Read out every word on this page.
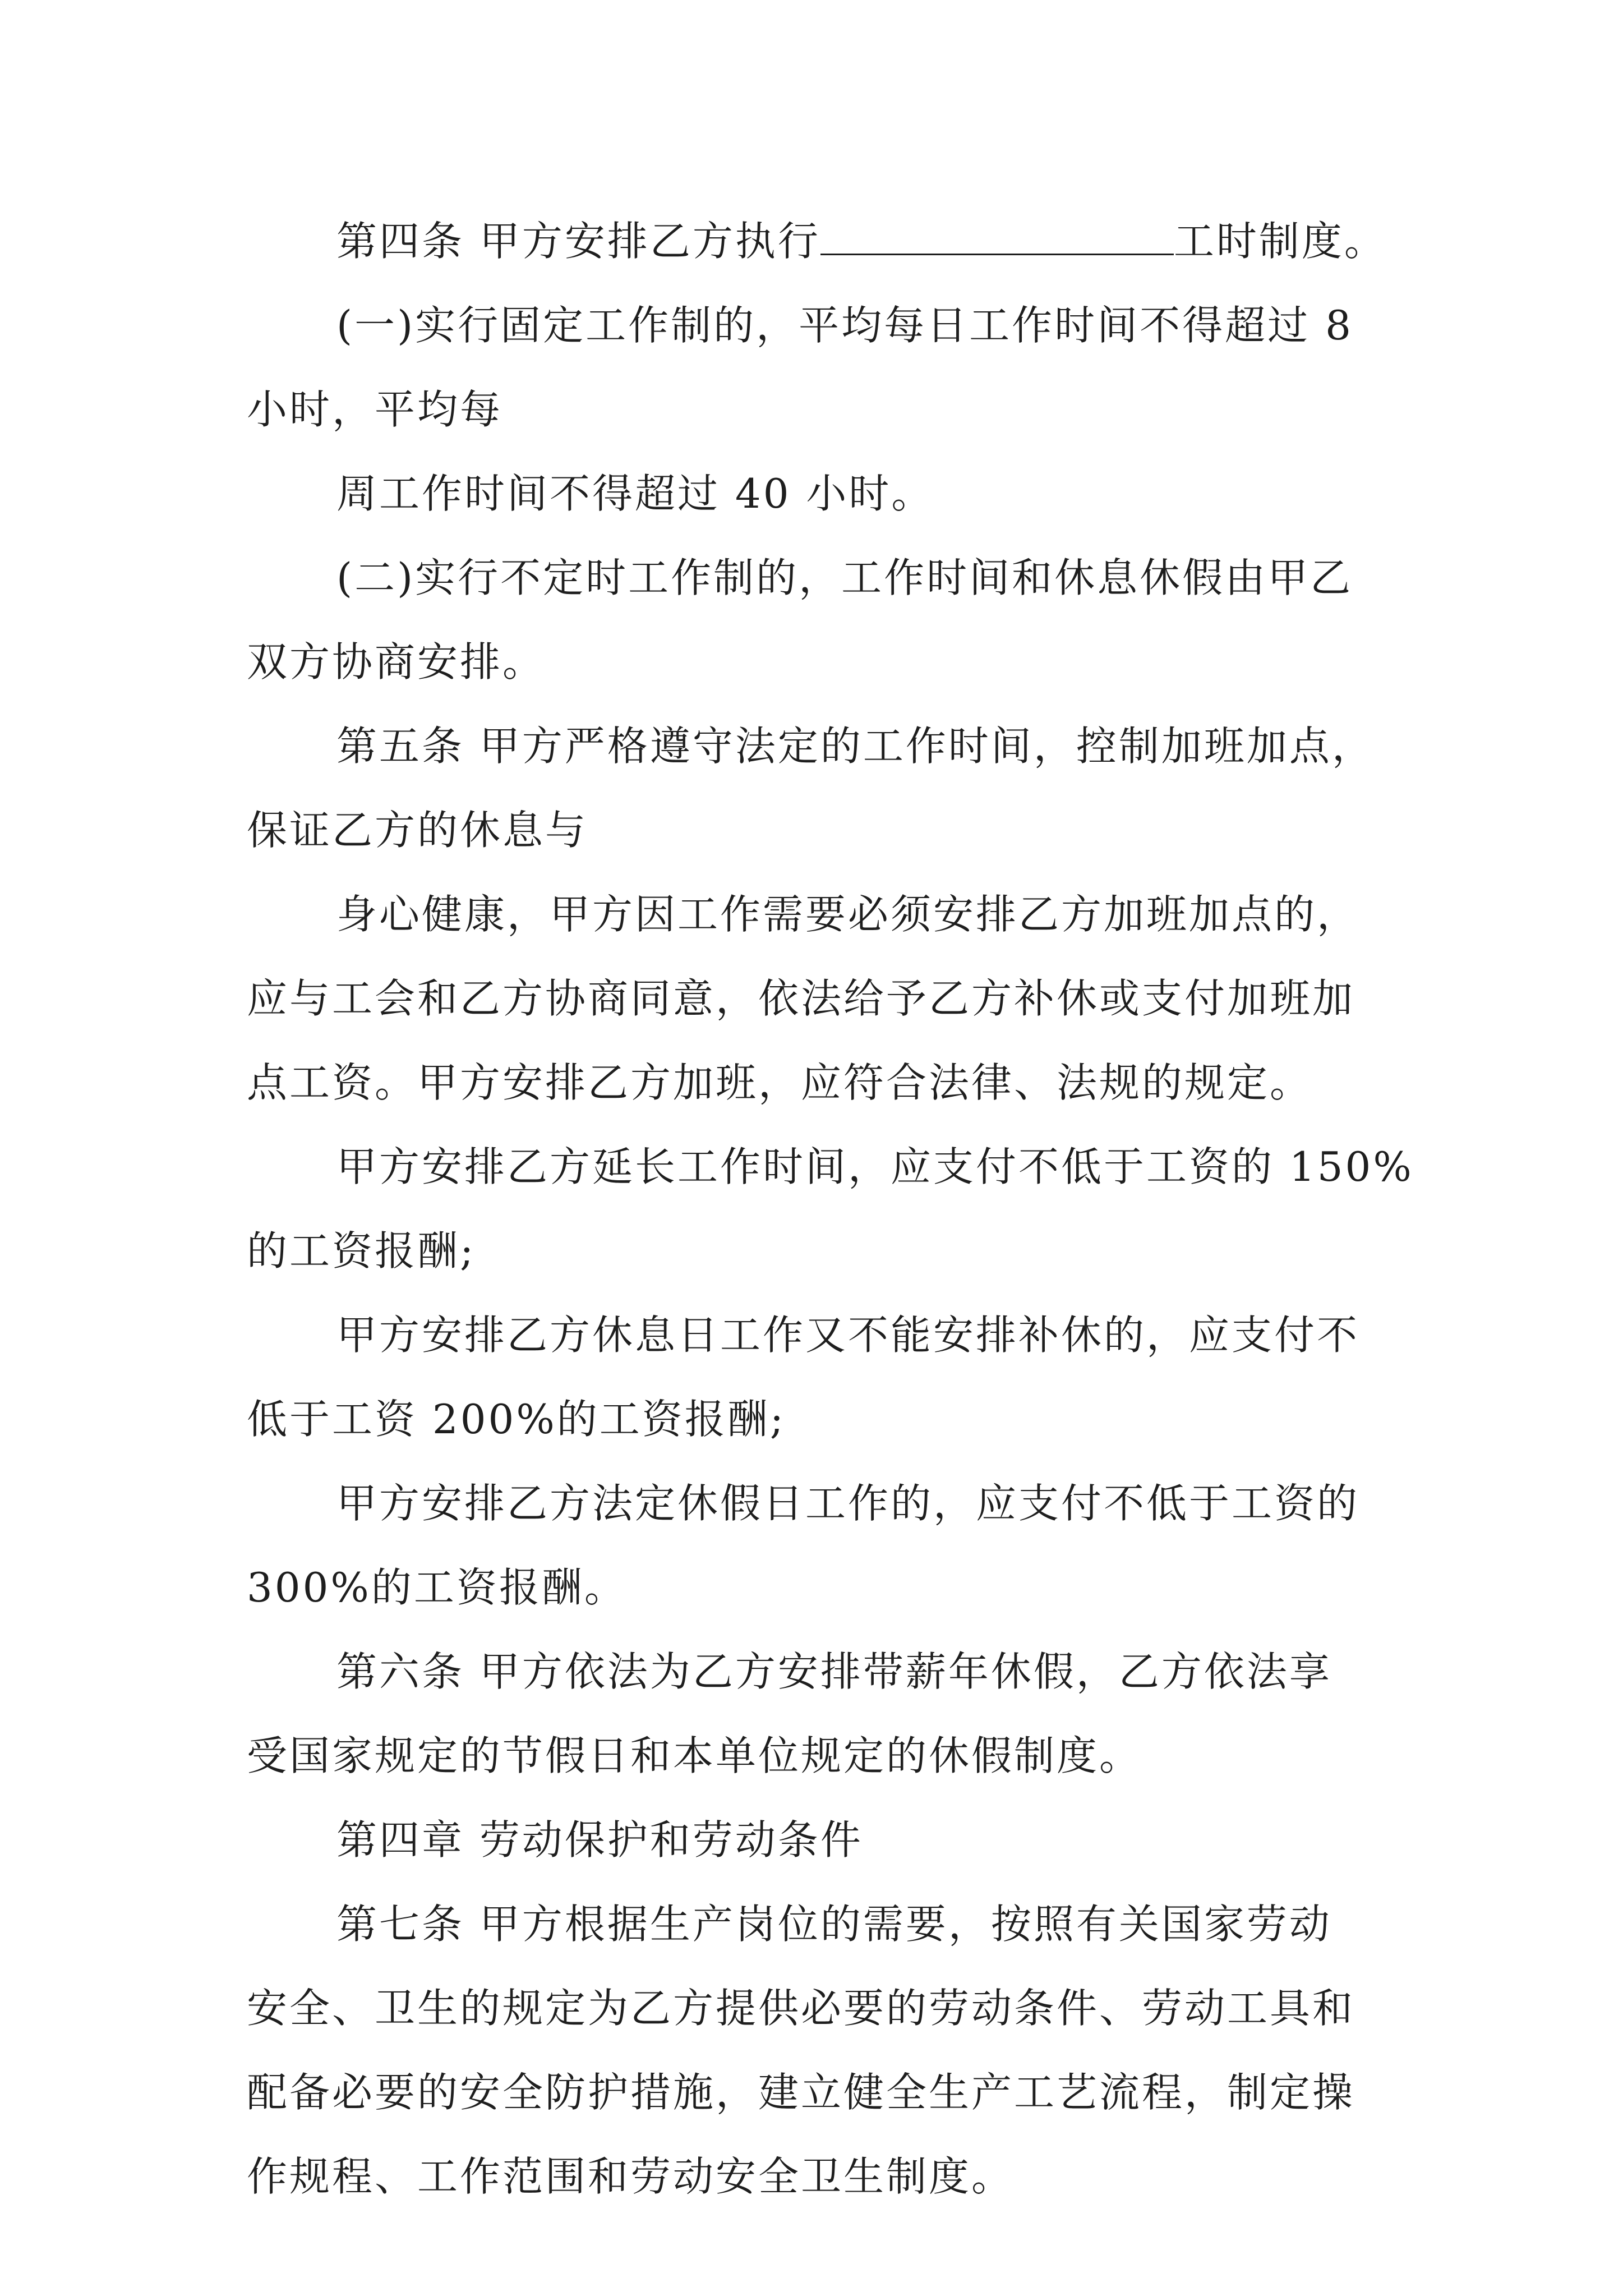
第四条 甲方安排乙方执行	工时制度。
(一)实行固定工作制的，平均每日工作时间不得超过 8
小时，平均每
周工作时间不得超过 40 小时。
(二)实行不定时工作制的，工作时间和休息休假由甲乙
双方协商安排。
第五条 甲方严格遵守法定的工作时间，控制加班加点，
保证乙方的休息与
身心健康，甲方因工作需要必须安排乙方加班加点的，
应与工会和乙方协商同意，依法给予乙方补休或支付加班加
点工资。甲方安排乙方加班，应符合法律、法规的规定。
甲方安排乙方延长工作时间，应支付不低于工资的 150%
的工资报酬;
甲方安排乙方休息日工作又不能安排补休的，应支付不
低于工资 200%的工资报酬;
甲方安排乙方法定休假日工作的，应支付不低于工资的
300%的工资报酬。
第六条 甲方依法为乙方安排带薪年休假，乙方依法享
受国家规定的节假日和本单位规定的休假制度。
第四章 劳动保护和劳动条件
第七条 甲方根据生产岗位的需要，按照有关国家劳动
安全、卫生的规定为乙方提供必要的劳动条件、劳动工具和
配备必要的安全防护措施，建立健全生产工艺流程，制定操
作规程、工作范围和劳动安全卫生制度。
